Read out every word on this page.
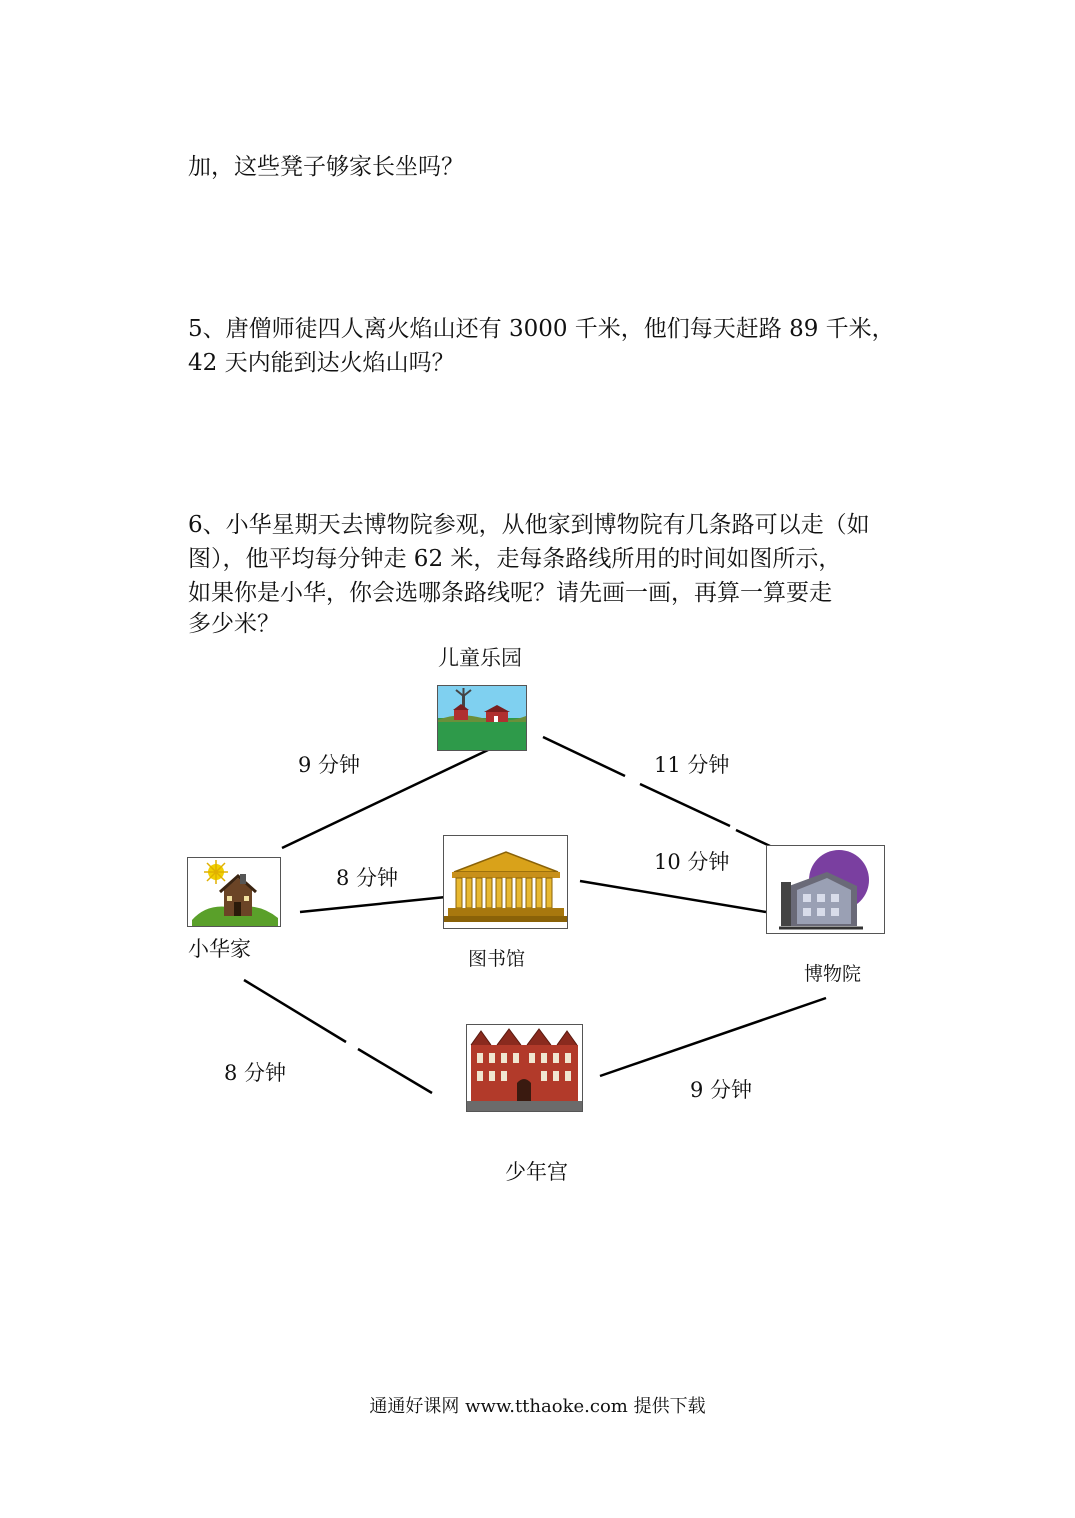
加，这些凳子够家长坐吗？

5、唐僧师徒四人离火焰山还有 3000 千米，他们每天赶路 89 千米，

42 天内能到达火焰山吗？

6、小华星期天去博物院参观，从他家到博物院有几条路可以走（如

图），他平均每分钟走 62 米，走每条路线所用的时间如图所示，

如果你是小华，你会选哪条路线呢？请先画一画，再算一算要走

多少米？

儿童乐园
小华家	图书馆
博物院
少年宫
9 分钟	11 分钟
8 分钟
10 分钟
8 分钟
9 分钟
通通好课网 www.tthaoke.com 提供下载
